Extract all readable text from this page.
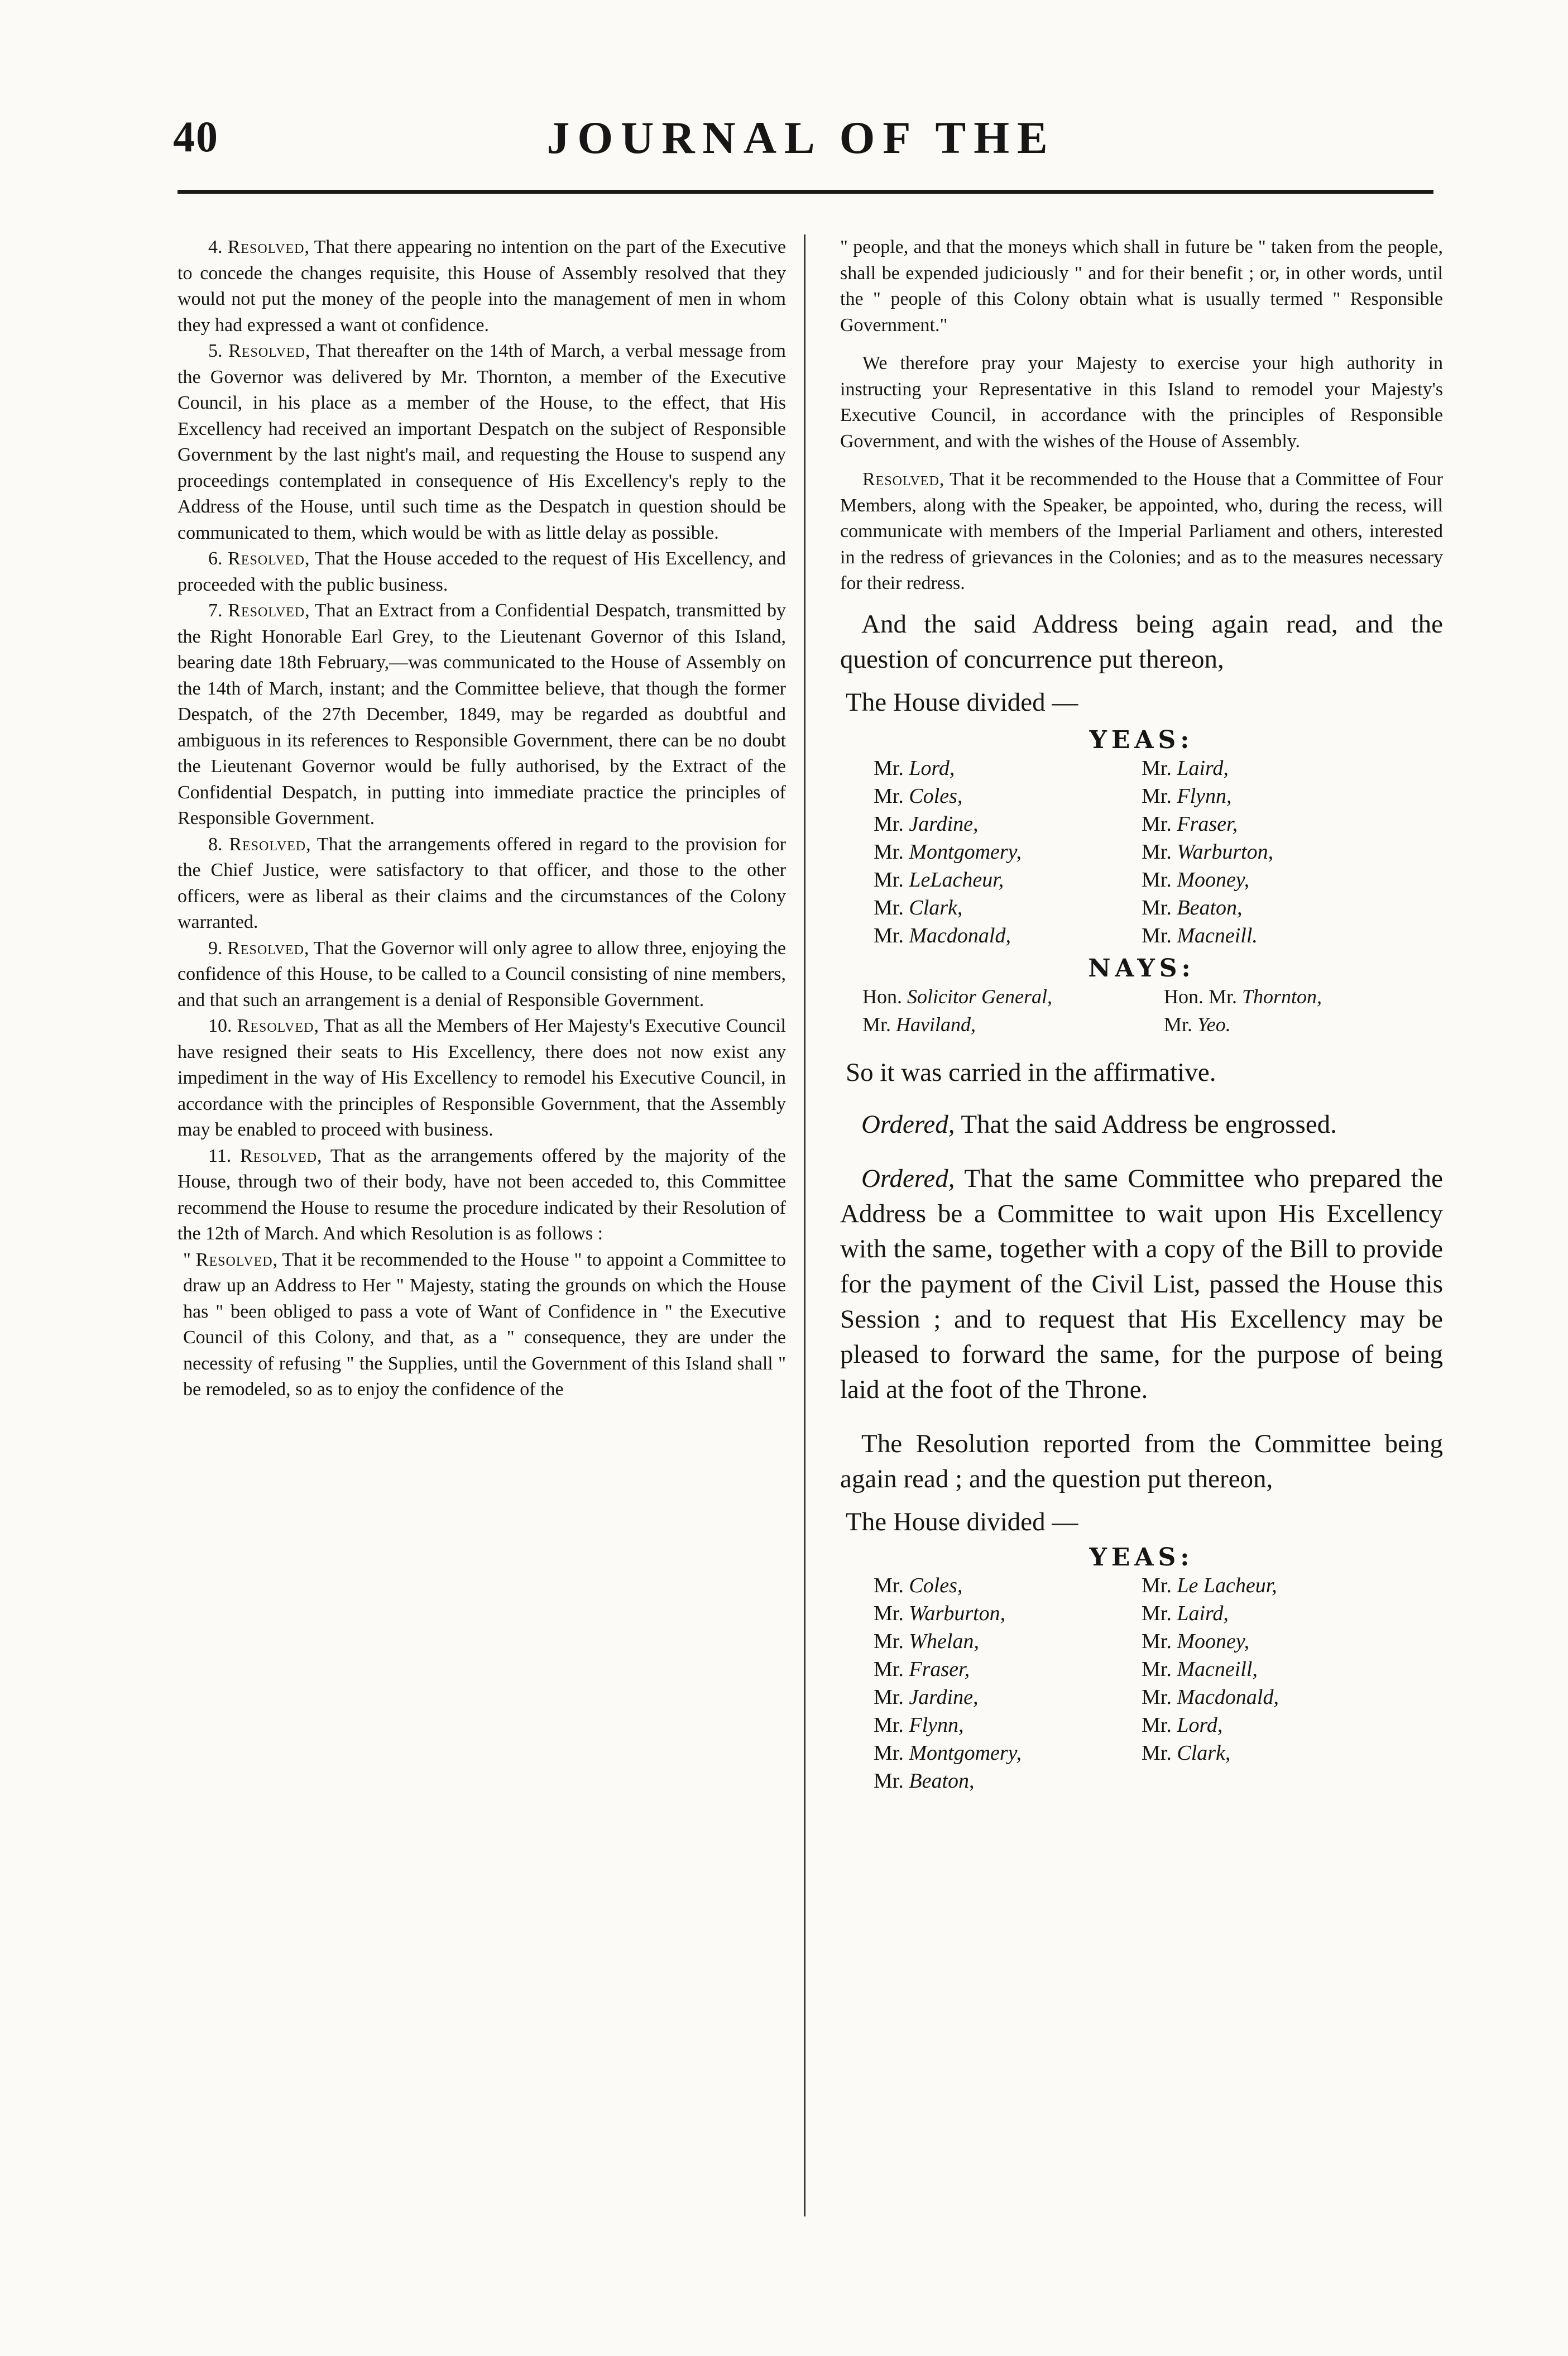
40	JOURNAL OF THE

4. Resolved, That there appearing no intention on the part of the Executive to concede the changes requisite, this House of Assembly resolved that they would not put the money of the people into the management of men in whom they had expressed a want ot confidence.

5. Resolved, That thereafter on the 14th of March, a verbal message from the Governor was delivered by Mr. Thornton, a member of the Executive Council, in his place as a member of the House, to the effect, that His Excellency had received an important Despatch on the subject of Responsible Government by the last night's mail, and requesting the House to suspend any proceedings contemplated in consequence of His Excellency's reply to the Address of the House, until such time as the Despatch in question should be communicated to them, which would be with as little delay as possible.

6. Resolved, That the House acceded to the request of His Excellency, and proceeded with the public business.

7. Resolved, That an Extract from a Confidential Despatch, transmitted by the Right Honorable Earl Grey, to the Lieutenant Governor of this Island, bearing date 18th February,—was communicated to the House of Assembly on the 14th of March, instant; and the Committee believe, that though the former Despatch, of the 27th December, 1849, may be regarded as doubtful and ambiguous in its references to Responsible Government, there can be no doubt the Lieutenant Governor would be fully authorised, by the Extract of the Confidential Despatch, in putting into immediate practice the principles of Responsible Government.

8. Resolved, That the arrangements offered in regard to the provision for the Chief Justice, were satisfactory to that officer, and those to the other officers, were as liberal as their claims and the circumstances of the Colony warranted.

9. Resolved, That the Governor will only agree to allow three, enjoying the confidence of this House, to be called to a Council consisting of nine members, and that such an arrangement is a denial of Responsible Government.

10. Resolved, That as all the Members of Her Majesty's Executive Council have resigned their seats to His Excellency, there does not now exist any impediment in the way of His Excellency to remodel his Executive Council, in accordance with the principles of Responsible Government, that the Assembly may be enabled to proceed with business.

11. Resolved, That as the arrangements offered by the majority of the House, through two of their body, have not been acceded to, this Committee recommend the House to resume the procedure indicated by their Resolution of the 12th of March. And which Resolution is as follows :

" Resolved, That it be recommended to the House " to appoint a Committee to draw up an Address to Her " Majesty, stating the grounds on which the House has " been obliged to pass a vote of Want of Confidence in " the Executive Council of this Colony, and that, as a " consequence, they are under the necessity of refusing " the Supplies, until the Government of this Island shall " be remodeled, so as to enjoy the confidence of the

" people, and that the moneys which shall in future be " taken from the people, shall be expended judiciously " and for their benefit ; or, in other words, until the " people of this Colony obtain what is usually termed " Responsible Government."

We therefore pray your Majesty to exercise your high authority in instructing your Representative in this Island to remodel your Majesty's Executive Council, in accordance with the principles of Responsible Government, and with the wishes of the House of Assembly.

Resolved, That it be recommended to the House that a Committee of Four Members, along with the Speaker, be appointed, who, during the recess, will communicate with members of the Imperial Parliament and others, interested in the redress of grievances in the Colonies; and as to the measures necessary for their redress.

And the said Address being again read, and the question of concurrence put thereon,

The House divided —

YEAS:

Mr. Lord,	Mr. Laird,
Mr. Coles,	Mr. Flynn,
Mr. Jardine,	Mr. Fraser,
Mr. Montgomery,	Mr. Warburton,
Mr. LeLacheur,	Mr. Mooney,
Mr. Clark,	Mr. Beaton,
Mr. Macdonald,	Mr. Macneill.

NAYS:

Hon. Solicitor General,	Hon. Mr. Thornton,
Mr. Haviland,	Mr. Yeo.

So it was carried in the affirmative.

Ordered, That the said Address be engrossed.

Ordered, That the same Committee who prepared the Address be a Committee to wait upon His Excellency with the same, together with a copy of the Bill to provide for the payment of the Civil List, passed the House this Session ; and to request that His Excellency may be pleased to forward the same, for the purpose of being laid at the foot of the Throne.

The Resolution reported from the Committee being again read ; and the question put thereon,

The House divided —

YEAS:

Mr. Coles,	Mr. Le Lacheur,
Mr. Warburton,	Mr. Laird,
Mr. Whelan,	Mr. Mooney,
Mr. Fraser,	Mr. Macneill,
Mr. Jardine,	Mr. Macdonald,
Mr. Flynn,	Mr. Lord,
Mr. Montgomery,	Mr. Clark,
Mr. Beaton,
